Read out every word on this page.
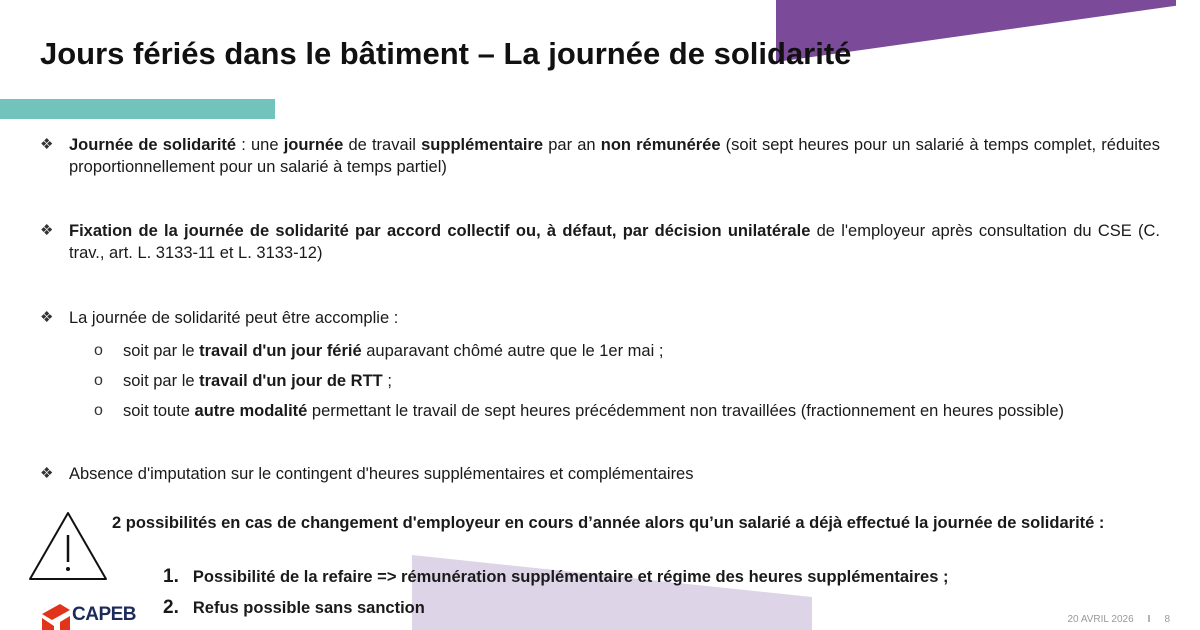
Jours fériés dans le bâtiment – La journée de solidarité
❖ Journée de solidarité : une journée de travail supplémentaire par an non rémunérée (soit sept heures pour un salarié à temps complet, réduites proportionnellement pour un salarié à temps partiel)
❖ Fixation de la journée de solidarité par accord collectif ou, à défaut, par décision unilatérale de l'employeur après consultation du CSE (C. trav., art. L. 3133-11 et L. 3133-12)
❖ La journée de solidarité peut être accomplie :
o soit par le travail d'un jour férié auparavant chômé autre que le 1er mai ;
o soit par le travail d'un jour de RTT ;
o soit toute autre modalité permettant le travail de sept heures précédemment non travaillées (fractionnement en heures possible)
❖ Absence d'imputation sur le contingent d'heures supplémentaires et complémentaires
2 possibilités en cas de changement d'employeur en cours d’année alors qu’un salarié a déjà effectué la journée de solidarité :
1. Possibilité de la refaire => rémunération supplémentaire et régime des heures supplémentaires ;
2. Refus possible sans sanction
CAPEB	20 AVRIL 2026 I 8
